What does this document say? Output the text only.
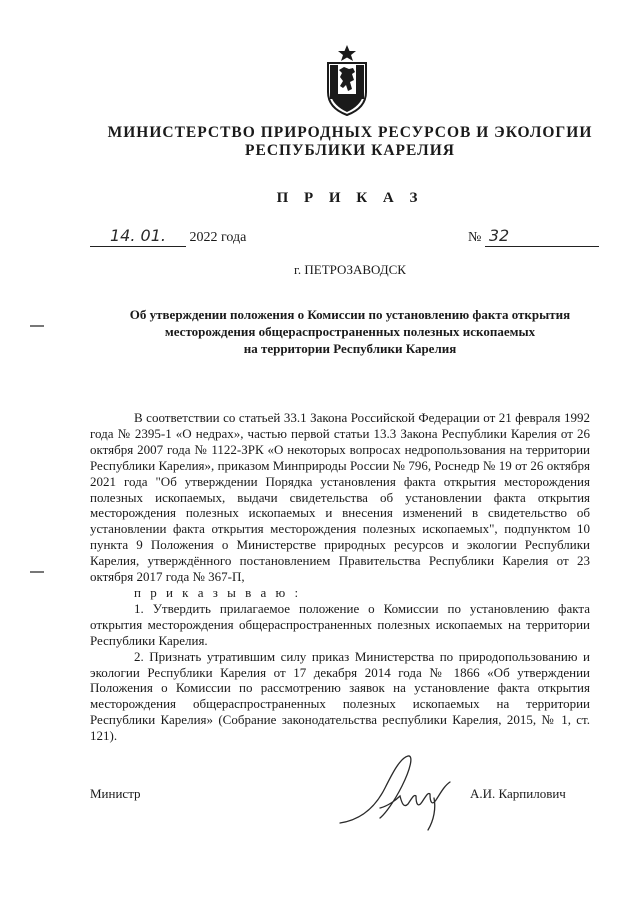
МИНИСТЕРСТВО ПРИРОДНЫХ РЕСУРСОВ И ЭКОЛОГИИ
РЕСПУБЛИКИ КАРЕЛИЯ
П Р И К А З
14. 01. 2022 года	№ 32
г. ПЕТРОЗАВОДСК
Об утверждении положения о Комиссии по установлению факта открытия
месторождения общераспространенных полезных ископаемых
на территории Республики Карелия

В соответствии со статьей 33.1 Закона Российской Федерации от 21 февраля 1992 года № 2395-1 «О недрах», частью первой статьи 13.3 Закона Республики Карелия от 26 октября 2007 года № 1122-ЗРК «О некоторых вопросах недропользования на территории Республики Карелия», приказом Минприроды России № 796, Роснедр № 19 от 26 октября 2021 года "Об утверждении Порядка установления факта открытия месторождения полезных ископаемых, выдачи свидетельства об установлении факта открытия месторождения полезных ископаемых и внесения изменений в свидетельство об установлении факта открытия месторождения полезных ископаемых", подпунктом 10 пункта 9 Положения о Министерстве природных ресурсов и экологии Республики Карелия, утверждённого постановлением Правительства Республики Карелия от 23 октября 2017 года № 367-П,

п р и к а з ы в а ю :

1. Утвердить прилагаемое положение о Комиссии по установлению факта открытия месторождения общераспространенных полезных ископаемых на территории Республики Карелия.

2. Признать утратившим силу приказ Министерства по природопользованию и экологии Республики Карелия от 17 декабря 2014 года № 1866 «Об утверждении Положения о Комиссии по рассмотрению заявок на установление факта открытия месторождения общераспространенных полезных ископаемых на территории Республики Карелия» (Собрание законодательства республики Карелия, 2015, № 1, ст. 121).

Министр	А.И. Карпилович
